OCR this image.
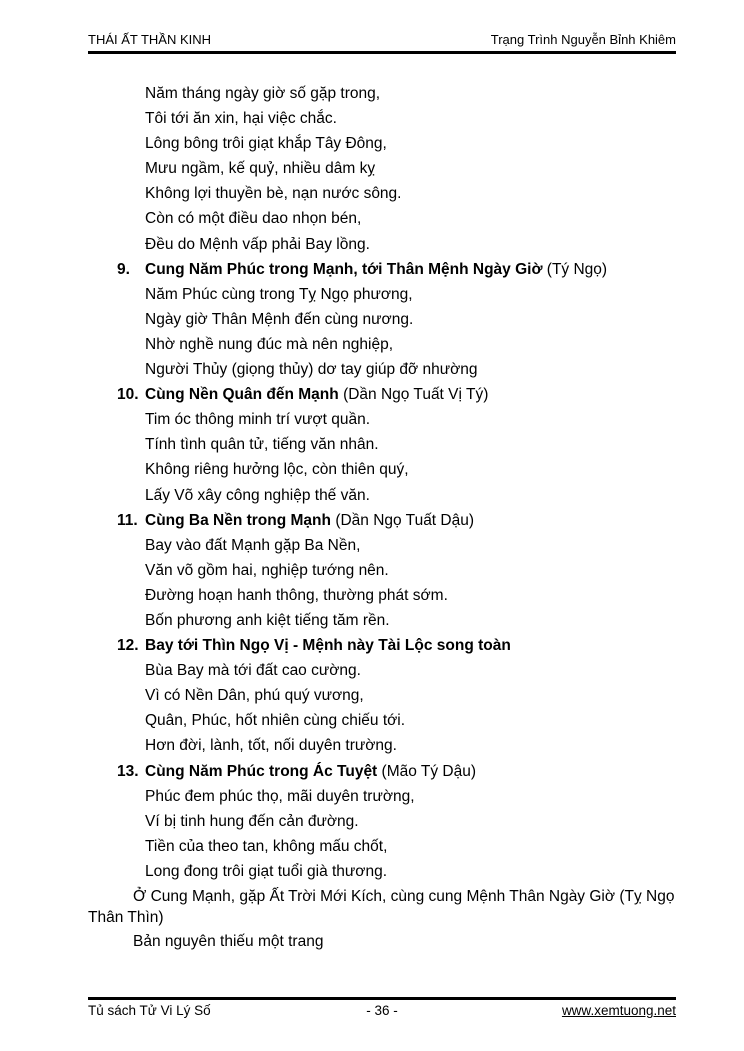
THÁI ẤT THẦN KINH	Trạng Trình Nguyễn Bỉnh Khiêm
Năm tháng ngày giờ số gặp trong,
Tôi tới ăn xin, hại việc chắc.
Lông bông trôi giạt khắp Tây Đông,
Mưu ngầm, kế quỷ, nhiều dâm kỵ
Không lợi thuyền bè, nạn nước sông.
Còn có một điều dao nhọn bén,
Đều do Mệnh vấp phải Bay lồng.
9. Cung Năm Phúc trong Mạnh, tới Thân Mệnh Ngày Giờ (Tý Ngọ)
Năm Phúc cùng trong Tỵ Ngọ phương,
Ngày giờ Thân Mệnh đến cùng nương.
Nhờ nghề nung đúc mà nên nghiệp,
Người Thủy (giọng thủy) dơ tay giúp đỡ nhường
10. Cùng Nền Quân đến Mạnh (Dần Ngọ Tuất Vị Tý)
Tim óc thông minh trí vượt quần.
Tính tình quân tử, tiếng văn nhân.
Không riêng hưởng lộc, còn thiên quý,
Lấy Võ xây công nghiệp thế văn.
11. Cùng Ba Nền trong Mạnh (Dần Ngọ Tuất Dậu)
Bay vào đất Mạnh gặp Ba Nền,
Văn võ gồm hai, nghiệp tướng nên.
Đường hoạn hanh thông, thường phát sớm.
Bốn phương anh kiệt tiếng tăm rền.
12. Bay tới Thìn Ngọ Vị - Mệnh này Tài Lộc song toàn
Bùa Bay mà tới đất cao cường.
Vì có Nền Dân, phú quý vương,
Quân, Phúc, hốt nhiên cùng chiếu tới.
Hơn đời, lành, tốt, nối duyên trường.
13. Cùng Năm Phúc trong Ác Tuyệt (Mão Tý Dậu)
Phúc đem phúc thọ, mãi duyên trường,
Ví bị tinh hung đến cản đường.
Tiền của theo tan, không mấu chốt,
Long đong trôi giạt tuổi già thương.
Ở Cung Mạnh, gặp Ất Trời Mới Kích, cùng cung Mệnh Thân Ngày Giờ (Tỵ Ngọ Thân Thìn)
Bản nguyên thiếu một trang
Tủ sách Tử Vi Lý Số	- 36 -	www.xemtuong.net
